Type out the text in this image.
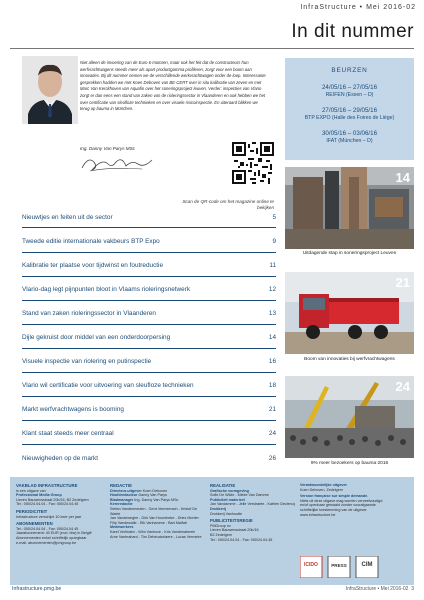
InfraStructure • Mei 2016-02
In dit nummer
Niet alleen de invoering van de Euro 6-motoren, maar ook het feit dat de constructeurs hun werfvrachtwagens steeds meer als apart productgamma profileren, zorgt voor een boom aan innovaties. Bij dit nummer nemen we de verschillende werkvrachtwagen onder de loep. Interessante gesprekken hadden we met Koen Deboven van BE-CERT over in situ kalibratie van zeven en met Marc Van Kerckhoven van Aquafin over het soneringsproject leuven. Verder: inspecties van Vlario zorgt er dan eens een stand van zaken van de rioleringssector in Vlaanderen en ook hebben we het over certificatie van sleufloze technieken en over visuele risicoinspectie. En uiteraard blikken we terug op bauma in München.
Ing. Danny Van Parys MSc
Scan de QR-code om het magazine online te bekijken
BEURZEN
24/05/16 – 27/05/16
REIFEN (Essen – D)
27/05/16 – 29/05/16
BTP EXPO (Halle des Foires de Liège)
30/05/16 – 03/06/16
IFAT (München – D)
Nieuwtjes en feiten uit de sector	5
Tweede editie internationale vakbeurs BTP Expo	9
Kalibratie ter plaatse voor tijdwinst en foutreductie	11
Vlario-dag legt pijnpunten bloot in Vlaams rioleringsnetwerk	12
Stand van zaken rioleringssector in Vlaanderen	13
Dijle gekruist door middel van een onderdoorpersing	14
Visuele inspectie van riolering en putinspectie	16
Vlario wil certificatie voor uitvoering van sleufloze technieken	18
Markt werfvrachtwagens is booming	21
Klant staat steeds meer centraal	24
Nieuwigheden op de markt	26
14
Uitdagende stap in soneringsproject Leuven
21
Boom van innovaties bij werfvrachtwagens
24
9% meer bezoekers op bauma 2016
VAKBLAD INFRASTRUCTURE
is een uitgave van
Professional Media Group
Lieven Bauwensstraat 20b/16, B2 Zedelgem
Tel.: 050/24.04.04 - Fax: 050/24.04.45
PERIODICITEIT
Infrastructure verschijnt 10 keer per jaar
ABONNEMENTEN
Tel.: 050/24.04.04 - Fax: 050/24.04.45
Jaarabonnement: 40 EUR (excl. btw) in België
Abonnementen enkel schriftelijk opzegbaar
e-mail: abonnementen@pmgroup.be
REDACTIE
Directeur-uitgever Koen Deboven
Hoofdredacteur Danny Van Parys
Bladmanager Ing. Danny Van Parys MSc
Kernredactie
Stefan Vandermeulen - Gerd Vermeersch - Kristof De Waele
Jan Vandeweghe - Dirk Van Hoorebeke - Dries Mortier
Filip Vandewalle - Rik Vanhamme - Bart Malfait
Medewerkers
Karel Verlinden - Wim Vanhove - Kris Vandenabeele
Arne Vanbrabant - Tim Debeuckelaere - Lucas Vermeire
REALISATIE
Grafische vormgeving
Sofie De Wilde - Mieke Van Damme
Publiciteit materieel
Jan Vandamme - Jelle Verstraete - Katrien Declercq
Drukkerij
Drukkerij Vanhoutte
PUBLICITEITSREGIE
PMGroup nv
Lieven Bauwensstraat 20b/16
B2 Zedelgem
Tel.: 050/24.04.04 - Fax: 050/24.04.45
Verantwoordelijke uitgever
Koen Deboven, Zedelgem
Version française sur simple demande.
Niets uit deze uitgave mag worden verveelvoudigd
en/of openbaar gemaakt zonder voorafgaande
schriftelijke toestemming van de uitgever.
www.infrastructure.be
ICIDO	PRESS	CIM
Infrastructure.pmg.be	InfraStructure • Mei 2016-02 3
